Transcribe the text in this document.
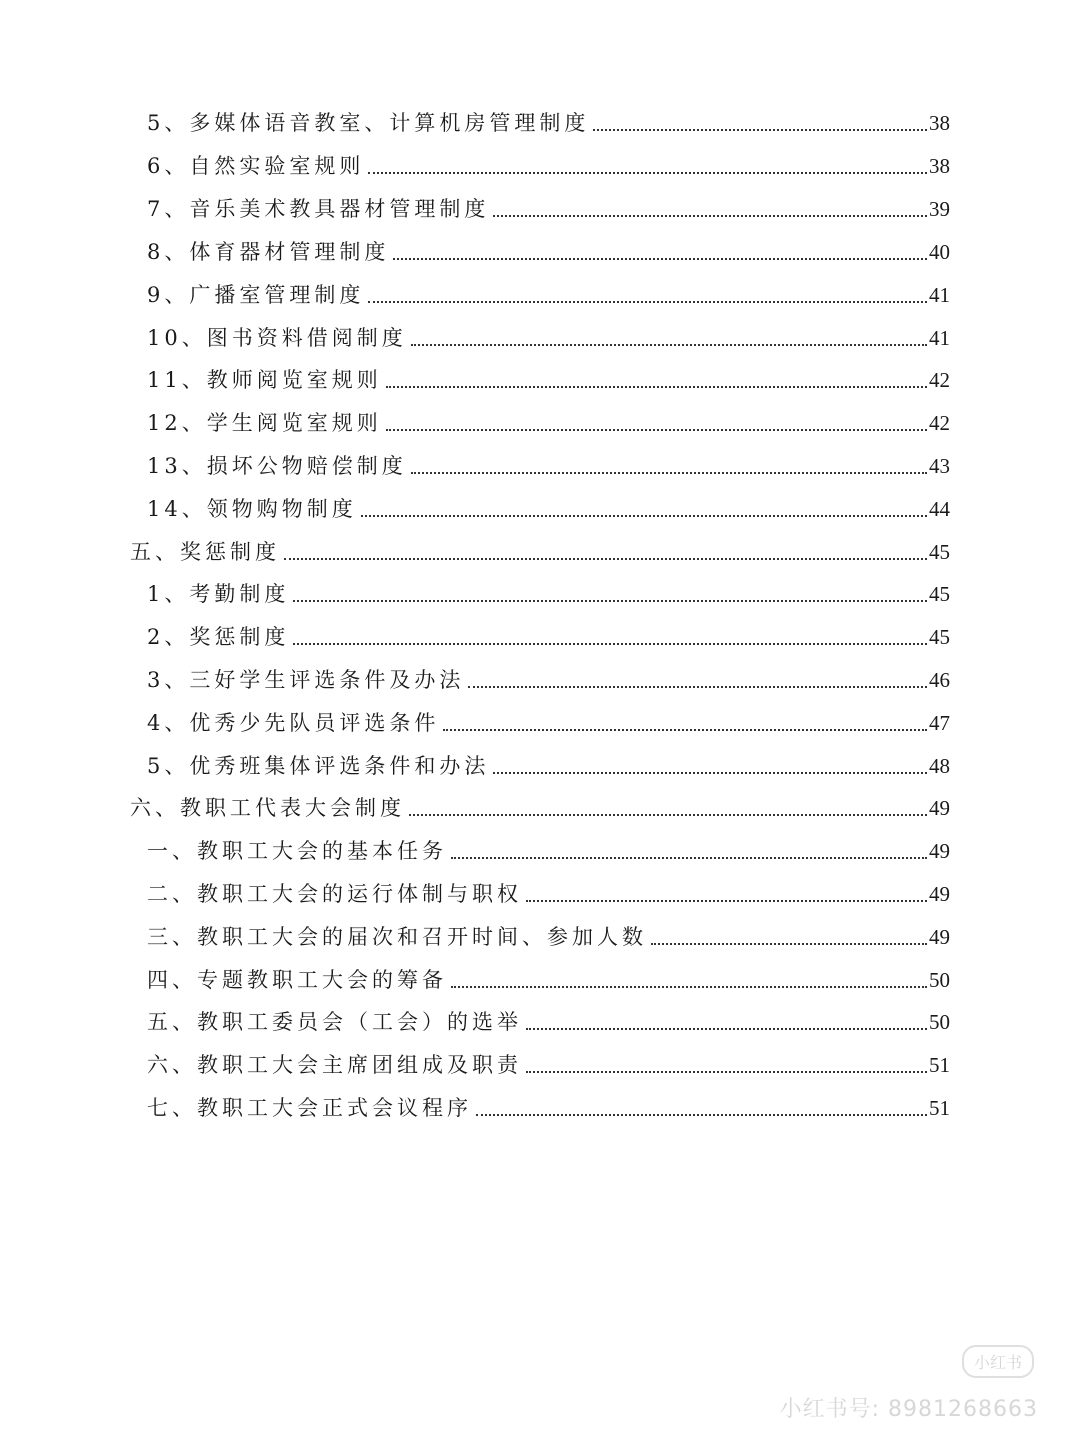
5、多媒体语音教室、计算机房管理制度	38
6、自然实验室规则	38
7、音乐美术教具器材管理制度	39
8、体育器材管理制度	40
9、广播室管理制度	41
10、图书资料借阅制度	41
11、教师阅览室规则	42
12、学生阅览室规则	42
13、损坏公物赔偿制度	43
14、领物购物制度	44
五、奖惩制度	45
1、考勤制度	45
2、奖惩制度	45
3、三好学生评选条件及办法	46
4、优秀少先队员评选条件	47
5、优秀班集体评选条件和办法	48
六、教职工代表大会制度	49
一、教职工大会的基本任务	49
二、教职工大会的运行体制与职权	49
三、教职工大会的届次和召开时间、参加人数	49
四、专题教职工大会的筹备	50
五、教职工委员会（工会）的选举	50
六、教职工大会主席团组成及职责	51
七、教职工大会正式会议程序	51
小红书
小红书号: 8981268663
